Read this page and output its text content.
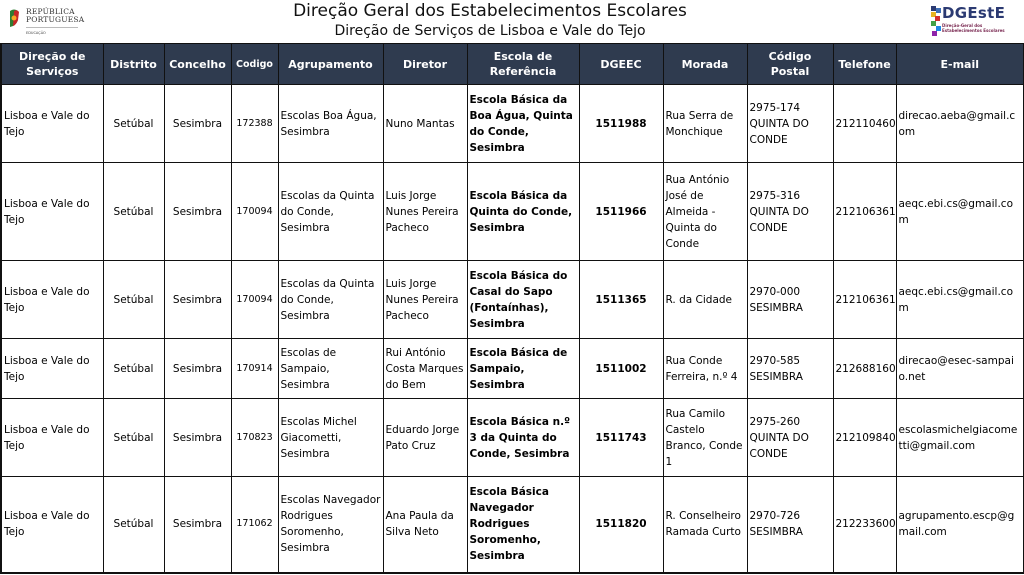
REPÚBLICA
PORTUGUESA
EDUCAÇÃO
Direção Geral dos Estabelecimentos Escolares
Direção de Serviços de Lisboa e Vale do Tejo
DGEstE
Direção-Geral dos
Estabelecimentos Escolares
Direção de Serviços	Distrito	Concelho	Codigo	Agrupamento	Diretor	Escola de Referência	DGEEC	Morada	Código Postal	Telefone	E-mail
Lisboa e Vale do Tejo	Setúbal	Sesimbra	172388	Escolas Boa Água, Sesimbra	Nuno Mantas	Escola Básica da Boa Água, Quinta do Conde, Sesimbra	1511988	Rua Serra de Monchique	2975-174 QUINTA DO CONDE	212110460	direcao.aeba@gmail.com
Lisboa e Vale do Tejo	Setúbal	Sesimbra	170094	Escolas da Quinta do Conde, Sesimbra	Luis Jorge Nunes Pereira Pacheco	Escola Básica da Quinta do Conde, Sesimbra	1511966	Rua António José de Almeida - Quinta do Conde	2975-316 QUINTA DO CONDE	212106361	aeqc.ebi.cs@gmail.com
Lisboa e Vale do Tejo	Setúbal	Sesimbra	170094	Escolas da Quinta do Conde, Sesimbra	Luis Jorge Nunes Pereira Pacheco	Escola Básica do Casal do Sapo (Fontaínhas), Sesimbra	1511365	R. da Cidade	2970-000 SESIMBRA	212106361	aeqc.ebi.cs@gmail.com
Lisboa e Vale do Tejo	Setúbal	Sesimbra	170914	Escolas de Sampaio, Sesimbra	Rui António Costa Marques do Bem	Escola Básica de Sampaio, Sesimbra	1511002	Rua Conde Ferreira, n.º 4	2970-585 SESIMBRA	212688160	direcao@esec-sampaio.net
Lisboa e Vale do Tejo	Setúbal	Sesimbra	170823	Escolas Michel Giacometti, Sesimbra	Eduardo Jorge Pato Cruz	Escola Básica n.º 3 da Quinta do Conde, Sesimbra	1511743	Rua Camilo Castelo Branco, Conde 1	2975-260 QUINTA DO CONDE	212109840	escolasmichelgiacometti@gmail.com
Lisboa e Vale do Tejo	Setúbal	Sesimbra	171062	Escolas Navegador Rodrigues Soromenho, Sesimbra	Ana Paula da Silva Neto	Escola Básica Navegador Rodrigues Soromenho, Sesimbra	1511820	R. Conselheiro Ramada Curto	2970-726 SESIMBRA	212233600	agrupamento.escp@gmail.com
